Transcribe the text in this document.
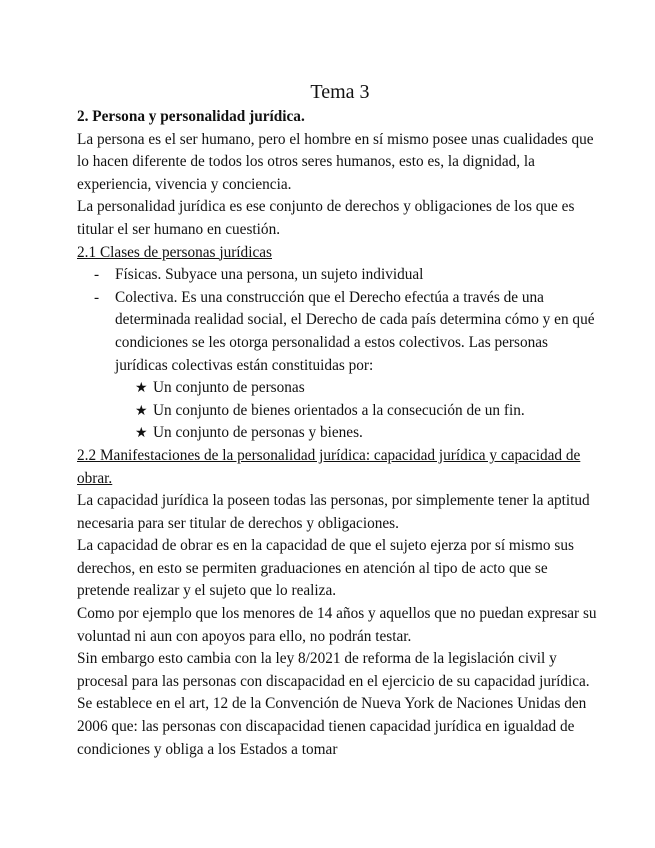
Tema 3

2. Persona y personalidad jurídica.

La persona es el ser humano, pero el hombre en sí mismo posee unas cualidades que lo hacen diferente de todos los otros seres humanos, esto es, la dignidad, la experiencia, vivencia y conciencia.

La personalidad jurídica es ese conjunto de derechos y obligaciones de los que es titular el ser humano en cuestión.

2.1 Clases de personas jurídicas

- Físicas. Subyace una persona, un sujeto individual
- Colectiva. Es una construcción que el Derecho efectúa a través de una determinada realidad social, el Derecho de cada país determina cómo y en qué condiciones se les otorga personalidad a estos colectivos. Las personas jurídicas colectivas están constituidas por:
★ Un conjunto de personas
★ Un conjunto de bienes orientados a la consecución de un fin.
★ Un conjunto de personas y bienes.

2.2 Manifestaciones de la personalidad jurídica: capacidad jurídica y capacidad de obrar.

La capacidad jurídica la poseen todas las personas, por simplemente tener la aptitud necesaria para ser titular de derechos y obligaciones.

La capacidad de obrar es en la capacidad de que el sujeto ejerza por sí mismo sus derechos, en esto se permiten graduaciones en atención al tipo de acto que se pretende realizar y el sujeto que lo realiza.

Como por ejemplo que los menores de 14 años y aquellos que no puedan expresar su voluntad ni aun con apoyos para ello, no podrán testar.

Sin embargo esto cambia con la ley 8/2021 de reforma de la legislación civil y procesal para las personas con discapacidad en el ejercicio de su capacidad jurídica. Se establece en el art, 12 de la Convención de Nueva York de Naciones Unidas den 2006 que: las personas con discapacidad tienen capacidad jurídica en igualdad de condiciones y obliga a los Estados a tomar
